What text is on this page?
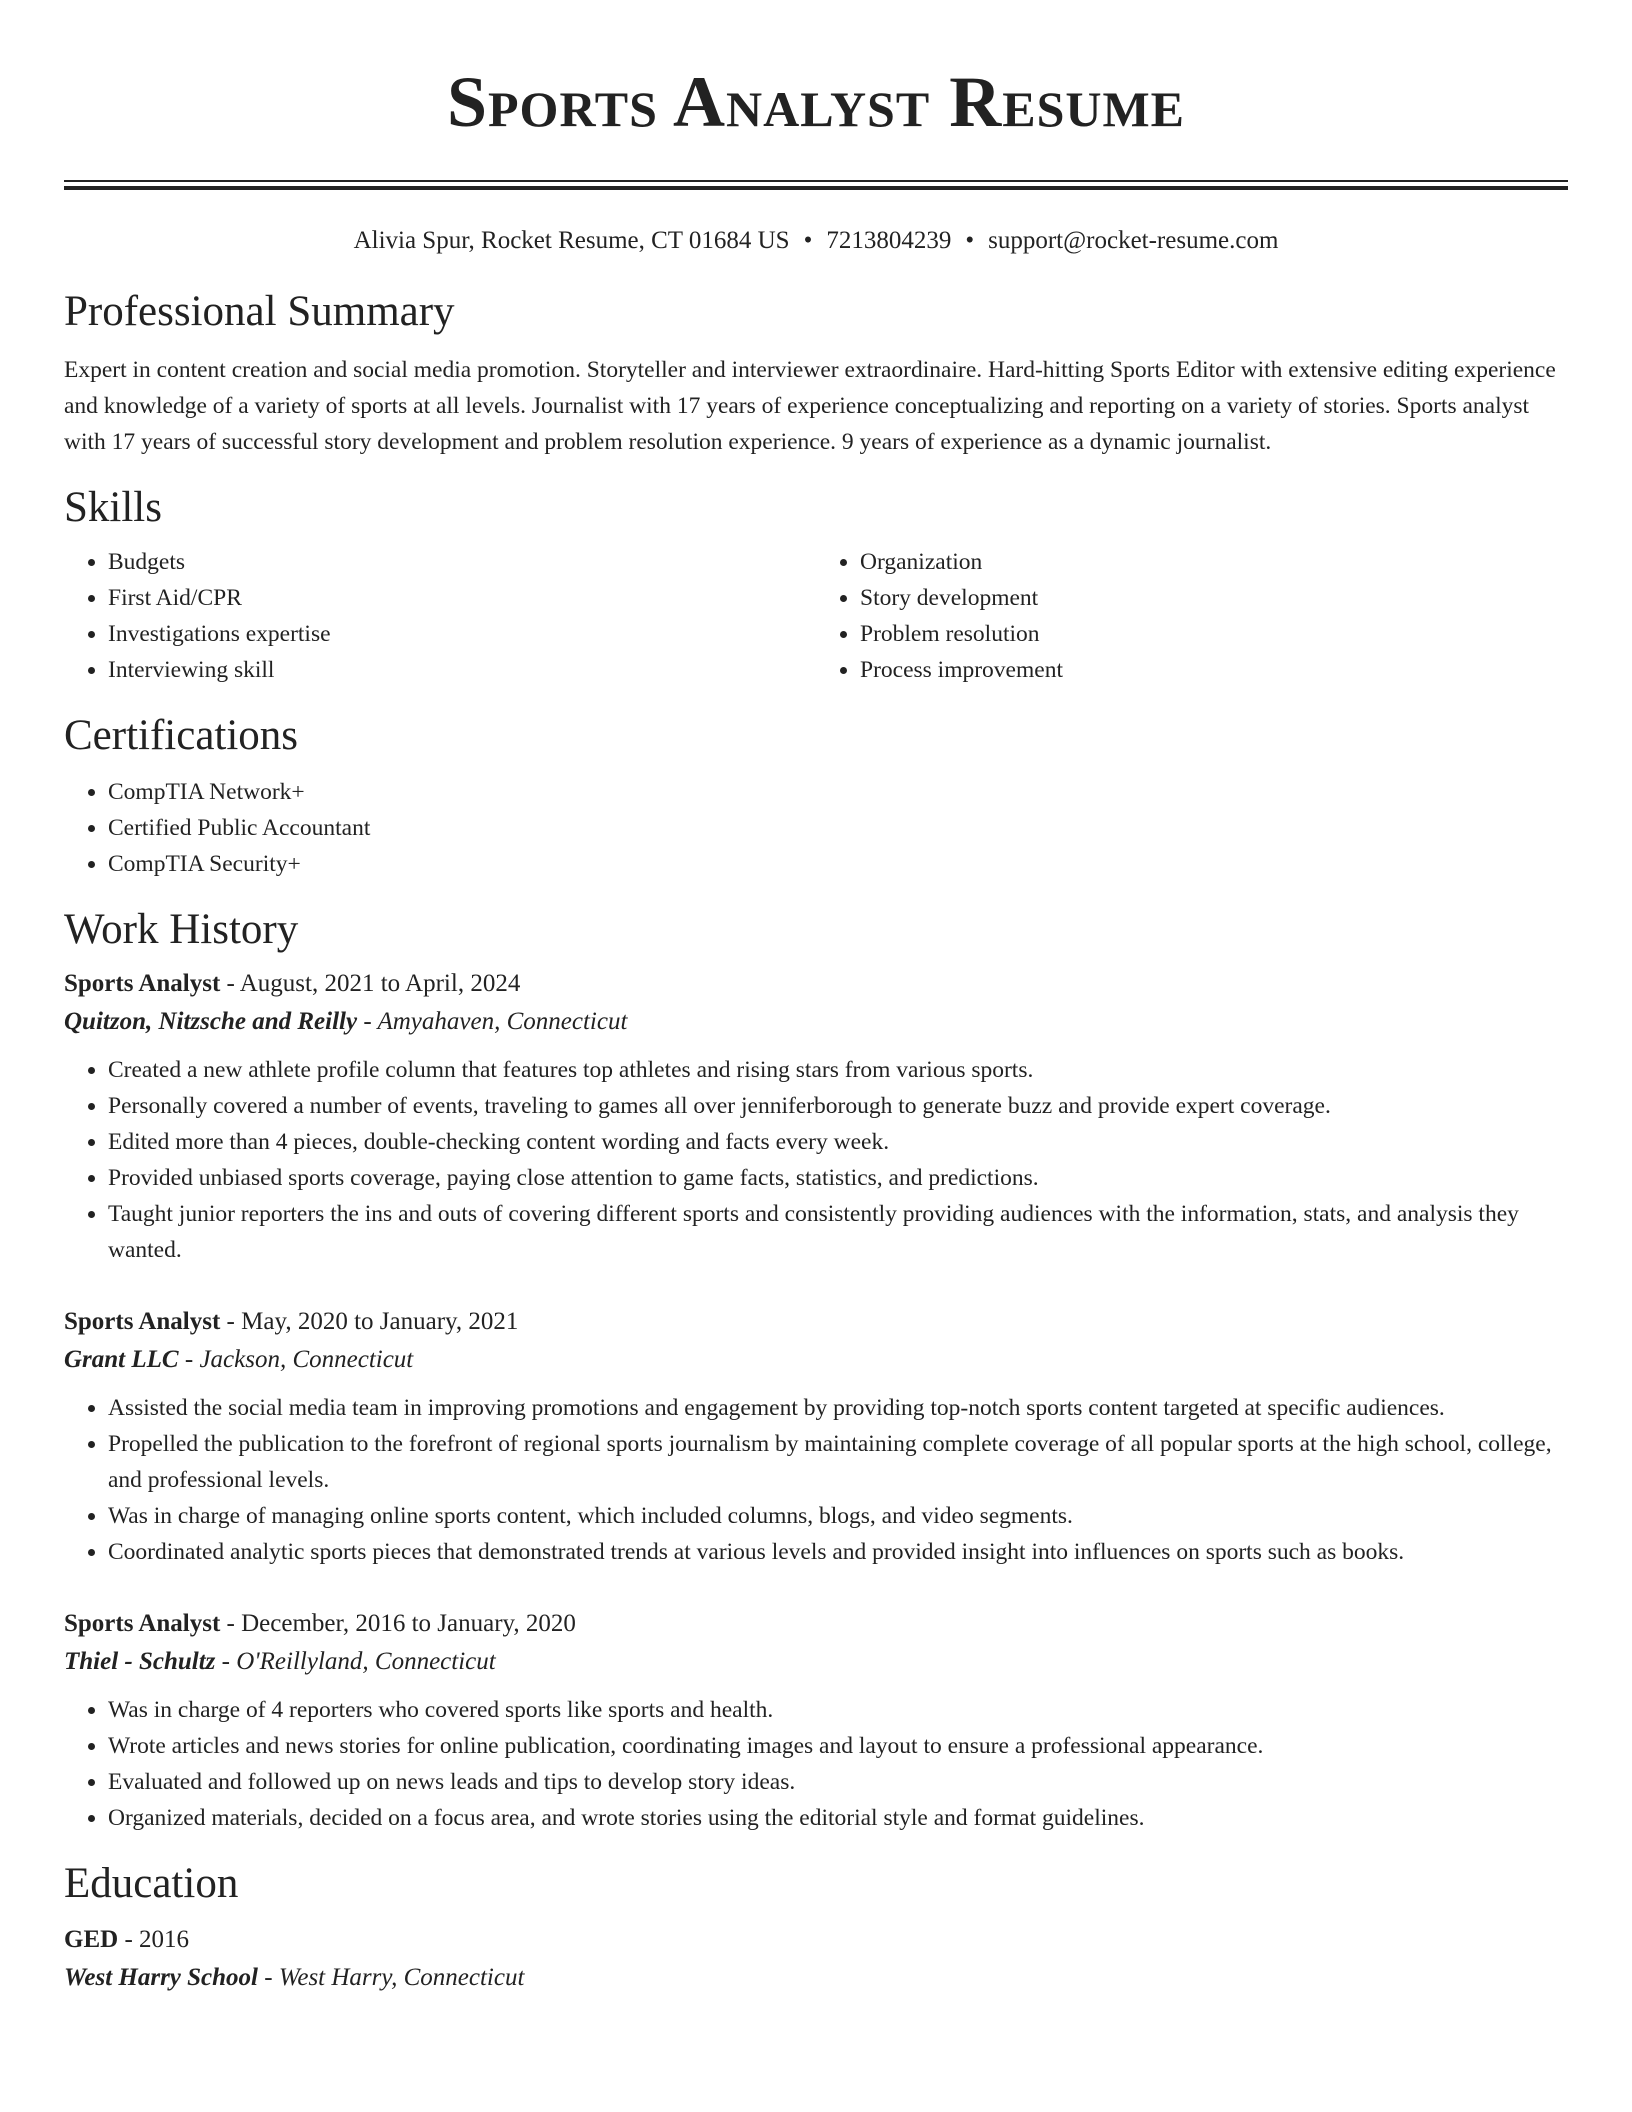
Sports Analyst Resume
Alivia Spur, Rocket Resume, CT 01684 US • 7213804239 • support@rocket-resume.com
Professional Summary

Expert in content creation and social media promotion. Storyteller and interviewer extraordinaire. Hard-hitting Sports Editor with extensive editing experience and knowledge of a variety of sports at all levels. Journalist with 17 years of experience conceptualizing and reporting on a variety of stories. Sports analyst with 17 years of successful story development and problem resolution experience. 9 years of experience as a dynamic journalist.

Skills
• Budgets
• First Aid/CPR
• Investigations expertise
• Interviewing skill
• Organization
• Story development
• Problem resolution
• Process improvement
Certifications
• CompTIA Network+
• Certified Public Accountant
• CompTIA Security+
Work History
Sports Analyst - August, 2021 to April, 2024
Quitzon, Nitzsche and Reilly - Amyahaven, Connecticut
• Created a new athlete profile column that features top athletes and rising stars from various sports.
• Personally covered a number of events, traveling to games all over jenniferborough to generate buzz and provide expert coverage.
• Edited more than 4 pieces, double-checking content wording and facts every week.
• Provided unbiased sports coverage, paying close attention to game facts, statistics, and predictions.
• Taught junior reporters the ins and outs of covering different sports and consistently providing audiences with the information, stats, and analysis they wanted.
Sports Analyst - May, 2020 to January, 2021
Grant LLC - Jackson, Connecticut
• Assisted the social media team in improving promotions and engagement by providing top-notch sports content targeted at specific audiences.
• Propelled the publication to the forefront of regional sports journalism by maintaining complete coverage of all popular sports at the high school, college, and professional levels.
• Was in charge of managing online sports content, which included columns, blogs, and video segments.
• Coordinated analytic sports pieces that demonstrated trends at various levels and provided insight into influences on sports such as books.
Sports Analyst - December, 2016 to January, 2020
Thiel - Schultz - O'Reillyland, Connecticut
• Was in charge of 4 reporters who covered sports like sports and health.
• Wrote articles and news stories for online publication, coordinating images and layout to ensure a professional appearance.
• Evaluated and followed up on news leads and tips to develop story ideas.
• Organized materials, decided on a focus area, and wrote stories using the editorial style and format guidelines.
Education
GED - 2016
West Harry School - West Harry, Connecticut
